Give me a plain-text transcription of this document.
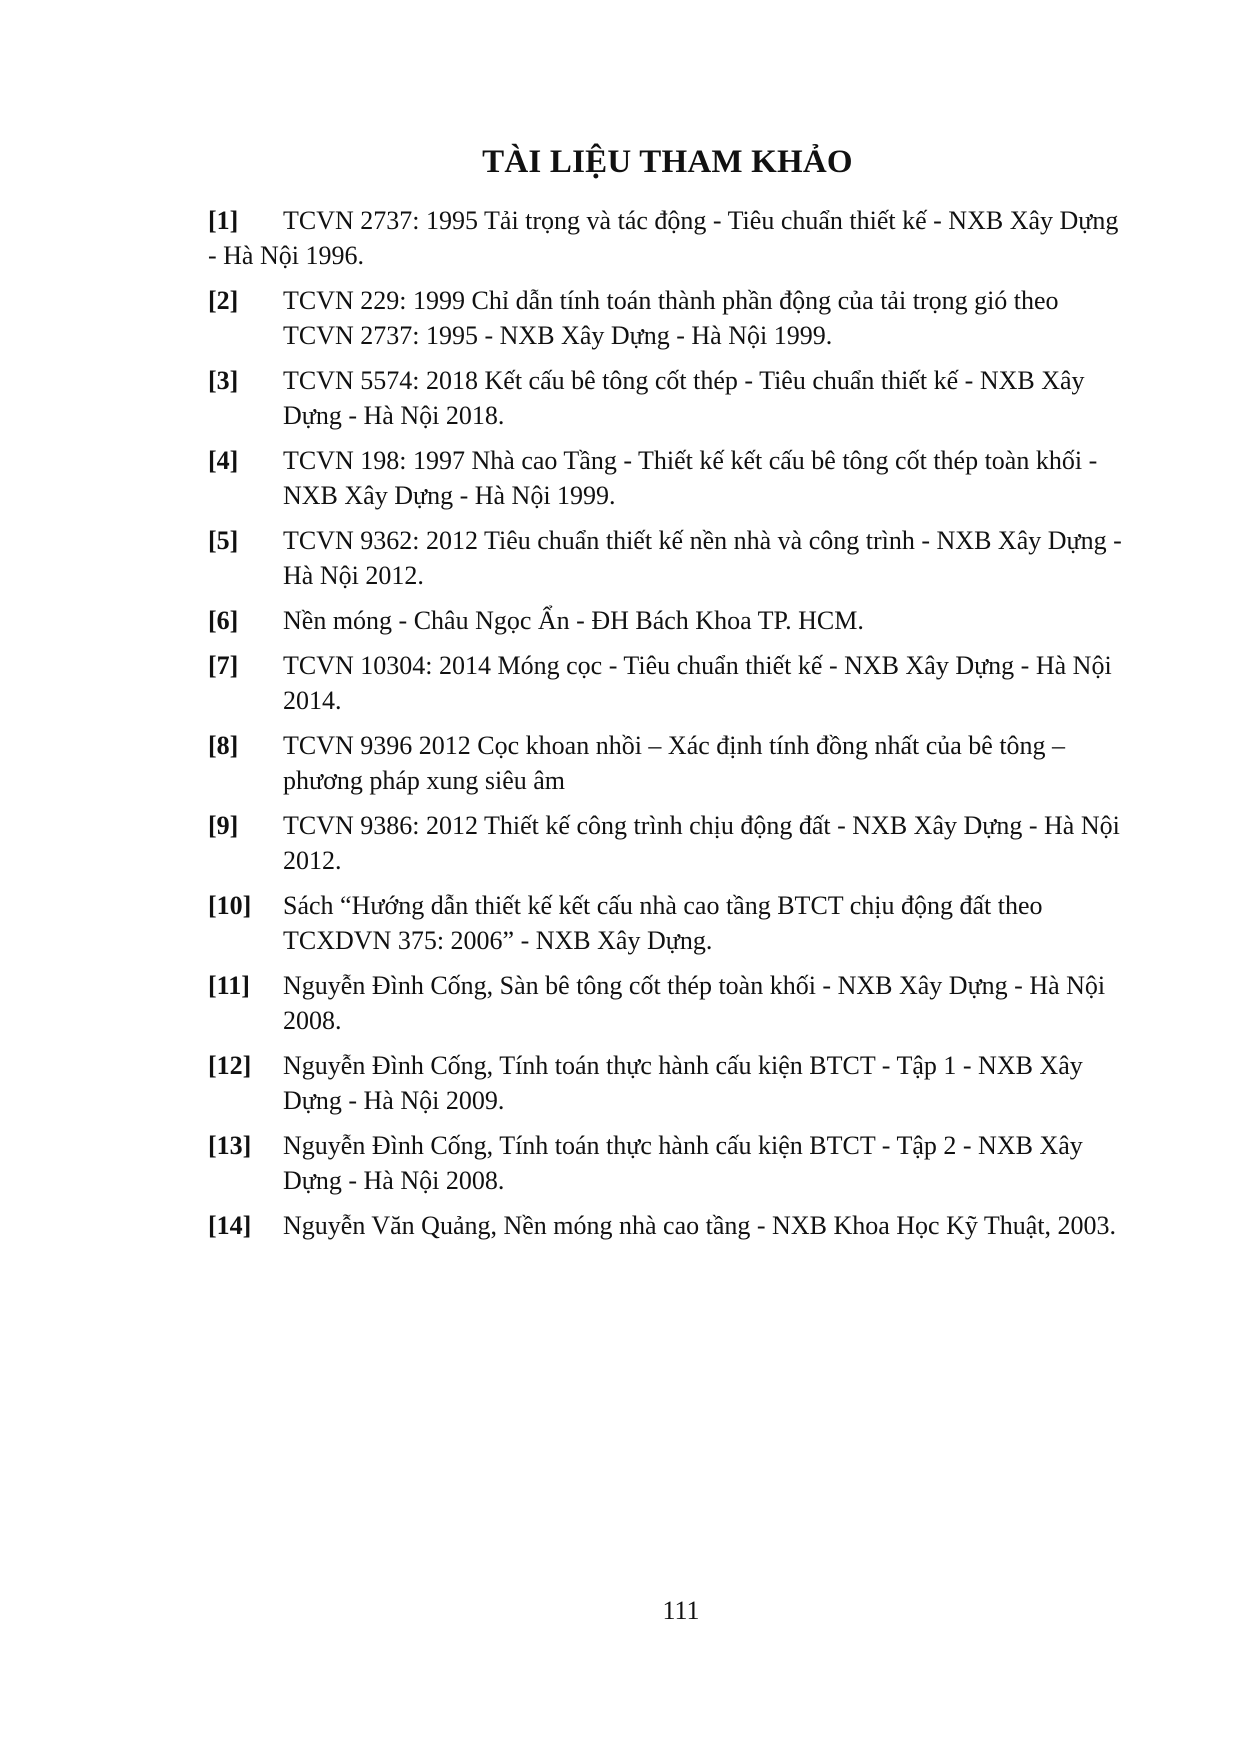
TÀI LIỆU THAM KHẢO
[1]	TCVN 2737: 1995 Tải trọng và tác động - Tiêu chuẩn thiết kế - NXB Xây Dựng - Hà Nội 1996.
[2]	TCVN 229: 1999 Chỉ dẫn tính toán thành phần động của tải trọng gió theo TCVN 2737: 1995 - NXB Xây Dựng - Hà Nội 1999.
[3]	TCVN 5574: 2018 Kết cấu bê tông cốt thép - Tiêu chuẩn thiết kế - NXB Xây Dựng - Hà Nội 2018.
[4]	TCVN 198: 1997 Nhà cao Tầng - Thiết kế kết cấu bê tông cốt thép toàn khối - NXB Xây Dựng - Hà Nội 1999.
[5]	TCVN 9362: 2012 Tiêu chuẩn thiết kế nền nhà và công trình - NXB Xây Dựng - Hà Nội 2012.
[6]	Nền móng - Châu Ngọc Ẩn - ĐH Bách Khoa TP. HCM.
[7]	TCVN 10304: 2014 Móng cọc - Tiêu chuẩn thiết kế - NXB Xây Dựng - Hà Nội 2014.
[8]	TCVN 9396 2012 Cọc khoan nhồi – Xác định tính đồng nhất của bê tông – phương pháp xung siêu âm
[9]	TCVN 9386: 2012 Thiết kế công trình chịu động đất - NXB Xây Dựng - Hà Nội 2012.
[10]	Sách “Hướng dẫn thiết kế kết cấu nhà cao tầng BTCT chịu động đất theo TCXDVN 375: 2006” - NXB Xây Dựng.
[11]	Nguyễn Đình Cống, Sàn bê tông cốt thép toàn khối - NXB Xây Dựng - Hà Nội 2008.
[12]	Nguyễn Đình Cống, Tính toán thực hành cấu kiện BTCT - Tập 1 - NXB Xây Dựng - Hà Nội 2009.
[13]	Nguyễn Đình Cống, Tính toán thực hành cấu kiện BTCT - Tập 2 - NXB Xây Dựng - Hà Nội 2008.
[14]	Nguyễn Văn Quảng, Nền móng nhà cao tầng - NXB Khoa Học Kỹ Thuật, 2003.
111
